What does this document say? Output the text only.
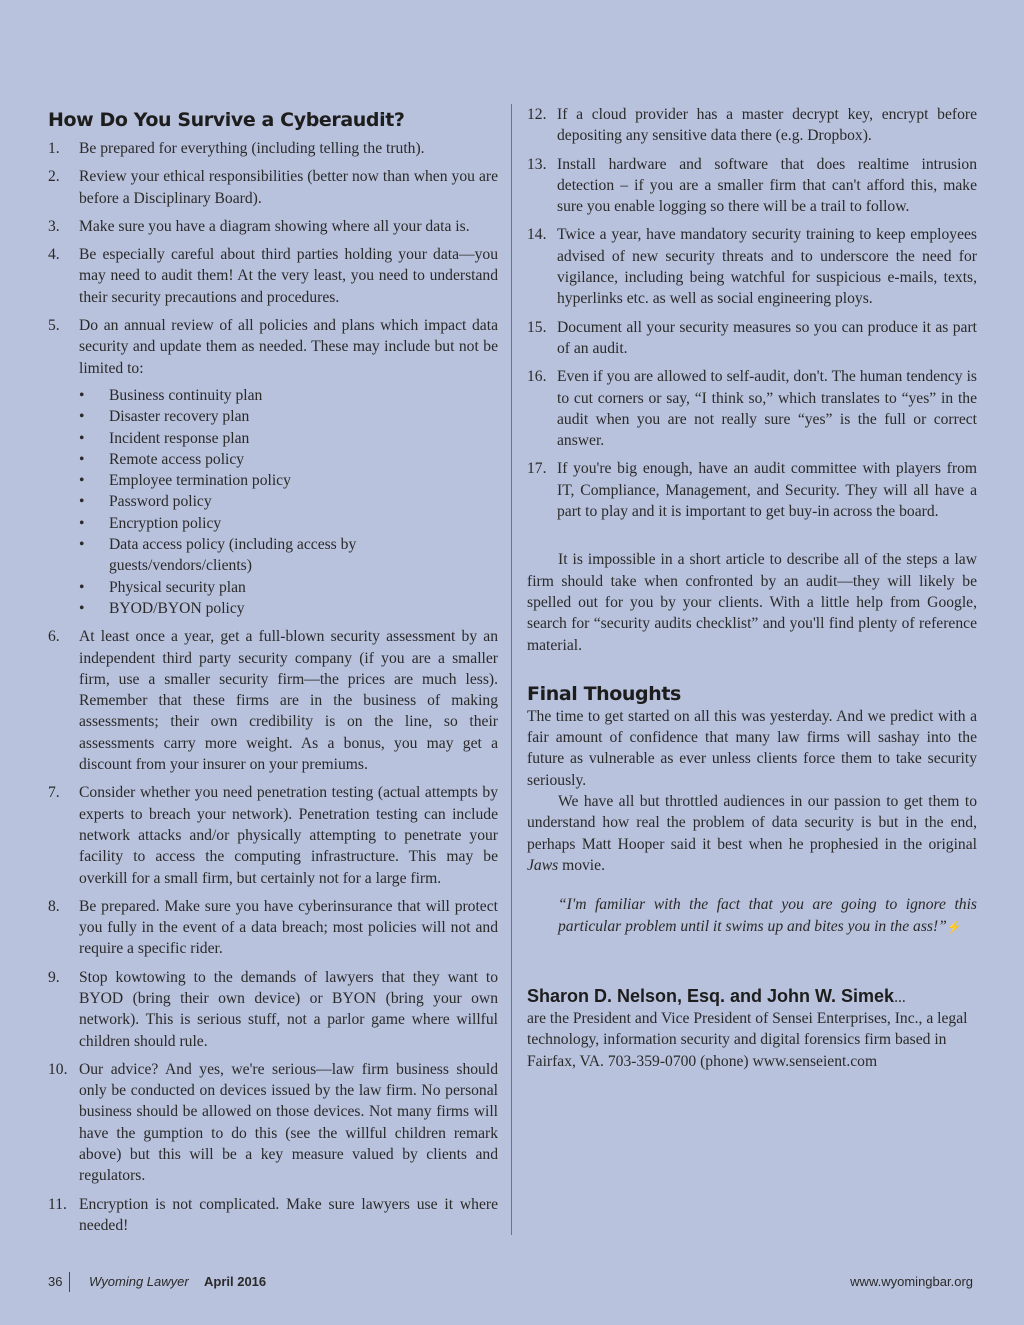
How Do You Survive a Cyberaudit?
1. Be prepared for everything (including telling the truth).
2. Review your ethical responsibilities (better now than when you are before a Disciplinary Board).
3. Make sure you have a diagram showing where all your data is.
4. Be especially careful about third parties holding your data—you may need to audit them! At the very least, you need to understand their security precautions and procedures.
5. Do an annual review of all policies and plans which impact data security and update them as needed. These may include but not be limited to:
• Business continuity plan
• Disaster recovery plan
• Incident response plan
• Remote access policy
• Employee termination policy
• Password policy
• Encryption policy
• Data access policy (including access by guests/vendors/clients)
• Physical security plan
• BYOD/BYON policy
6. At least once a year, get a full-blown security assessment by an independent third party security company (if you are a smaller firm, use a smaller security firm—the prices are much less). Remember that these firms are in the business of making assessments; their own credibility is on the line, so their assessments carry more weight. As a bonus, you may get a discount from your insurer on your premiums.
7. Consider whether you need penetration testing (actual attempts by experts to breach your network). Penetration testing can include network attacks and/or physically attempting to penetrate your facility to access the computing infrastructure. This may be overkill for a small firm, but certainly not for a large firm.
8. Be prepared. Make sure you have cyberinsurance that will protect you fully in the event of a data breach; most policies will not and require a specific rider.
9. Stop kowtowing to the demands of lawyers that they want to BYOD (bring their own device) or BYON (bring your own network). This is serious stuff, not a parlor game where willful children should rule.
10. Our advice? And yes, we're serious—law firm business should only be conducted on devices issued by the law firm. No personal business should be allowed on those devices. Not many firms will have the gumption to do this (see the willful children remark above) but this will be a key measure valued by clients and regulators.
11. Encryption is not complicated. Make sure lawyers use it where needed!
12. If a cloud provider has a master decrypt key, encrypt before depositing any sensitive data there (e.g. Dropbox).
13. Install hardware and software that does realtime intrusion detection – if you are a smaller firm that can't afford this, make sure you enable logging so there will be a trail to follow.
14. Twice a year, have mandatory security training to keep employees advised of new security threats and to underscore the need for vigilance, including being watchful for suspicious e-mails, texts, hyperlinks etc. as well as social engineering ploys.
15. Document all your security measures so you can produce it as part of an audit.
16. Even if you are allowed to self-audit, don't. The human tendency is to cut corners or say, “I think so,” which translates to “yes” in the audit when you are not really sure “yes” is the full or correct answer.
17. If you're big enough, have an audit committee with players from IT, Compliance, Management, and Security. They will all have a part to play and it is important to get buy-in across the board.

It is impossible in a short article to describe all of the steps a law firm should take when confronted by an audit—they will likely be spelled out for you by your clients. With a little help from Google, search for “security audits checklist” and you'll find plenty of reference material.

Final Thoughts

The time to get started on all this was yesterday. And we predict with a fair amount of confidence that many law firms will sashay into the future as vulnerable as ever unless clients force them to take security seriously.

We have all but throttled audiences in our passion to get them to understand how real the problem of data security is but in the end, perhaps Matt Hooper said it best when he prophesied in the original Jaws movie.

“I'm familiar with the fact that you are going to ignore this particular problem until it swims up and bites you in the ass!”⚡
Sharon D. Nelson, Esq. and John W. Simek...

are the President and Vice President of Sensei Enterprises, Inc., a legal technology, information security and digital forensics firm based in Fairfax, VA. 703-359-0700 (phone) www.senseient.com

36 Wyoming Lawyer April 2016	www.wyomingbar.org
